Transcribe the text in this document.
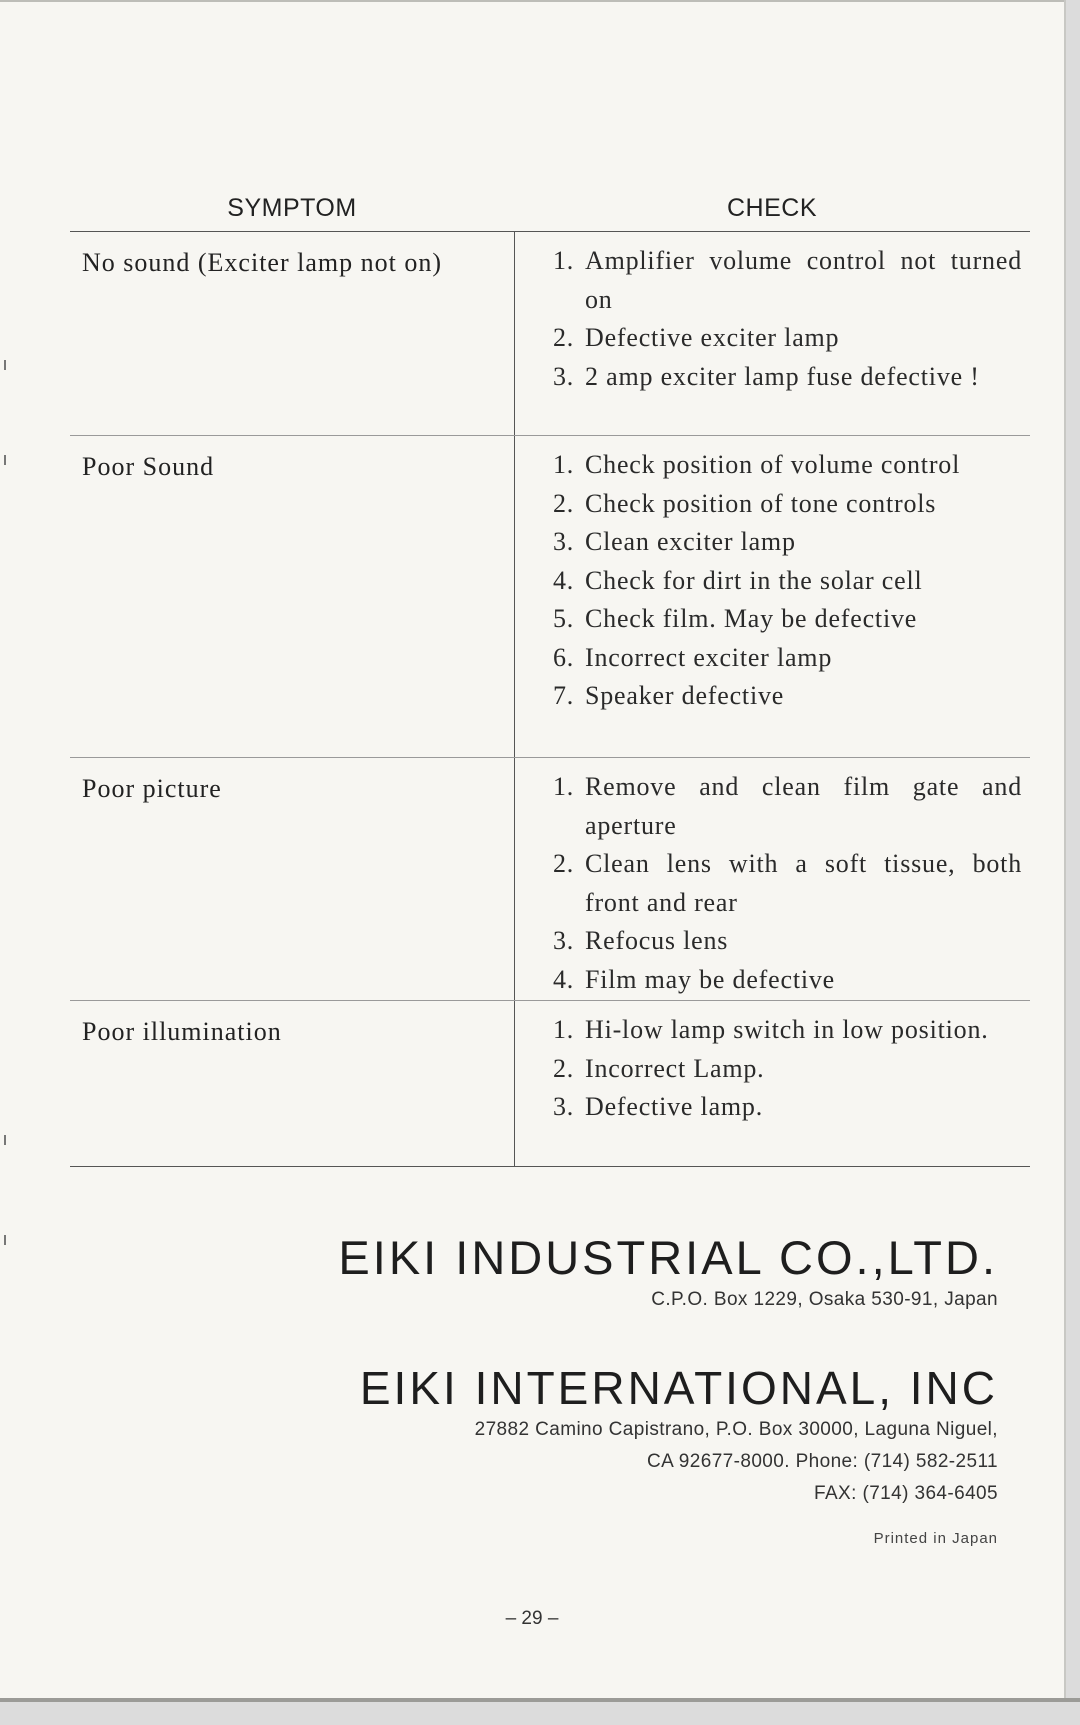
SYMPTOM	CHECK
No sound (Exciter lamp not on)	1. Amplifier volume control not turned on
2. Defective exciter lamp
3. 2 amp exciter lamp fuse defective !
Poor Sound	1. Check position of volume control
2. Check position of tone controls
3. Clean exciter lamp
4. Check for dirt in the solar cell
5. Check film. May be defective
6. Incorrect exciter lamp
7. Speaker defective
Poor picture	1. Remove and clean film gate and aperture
2. Clean lens with a soft tissue, both front and rear
3. Refocus lens
4. Film may be defective
Poor illumination	1. Hi-low lamp switch in low position.
2. Incorrect Lamp.
3. Defective lamp.
EIKI INDUSTRIAL CO.,LTD.
C.P.O. Box 1229, Osaka 530-91, Japan
EIKI INTERNATIONAL, INC
27882 Camino Capistrano, P.O. Box 30000, Laguna Niguel,
CA 92677-8000. Phone: (714) 582-2511
FAX: (714) 364-6405
Printed in Japan
– 29 –
